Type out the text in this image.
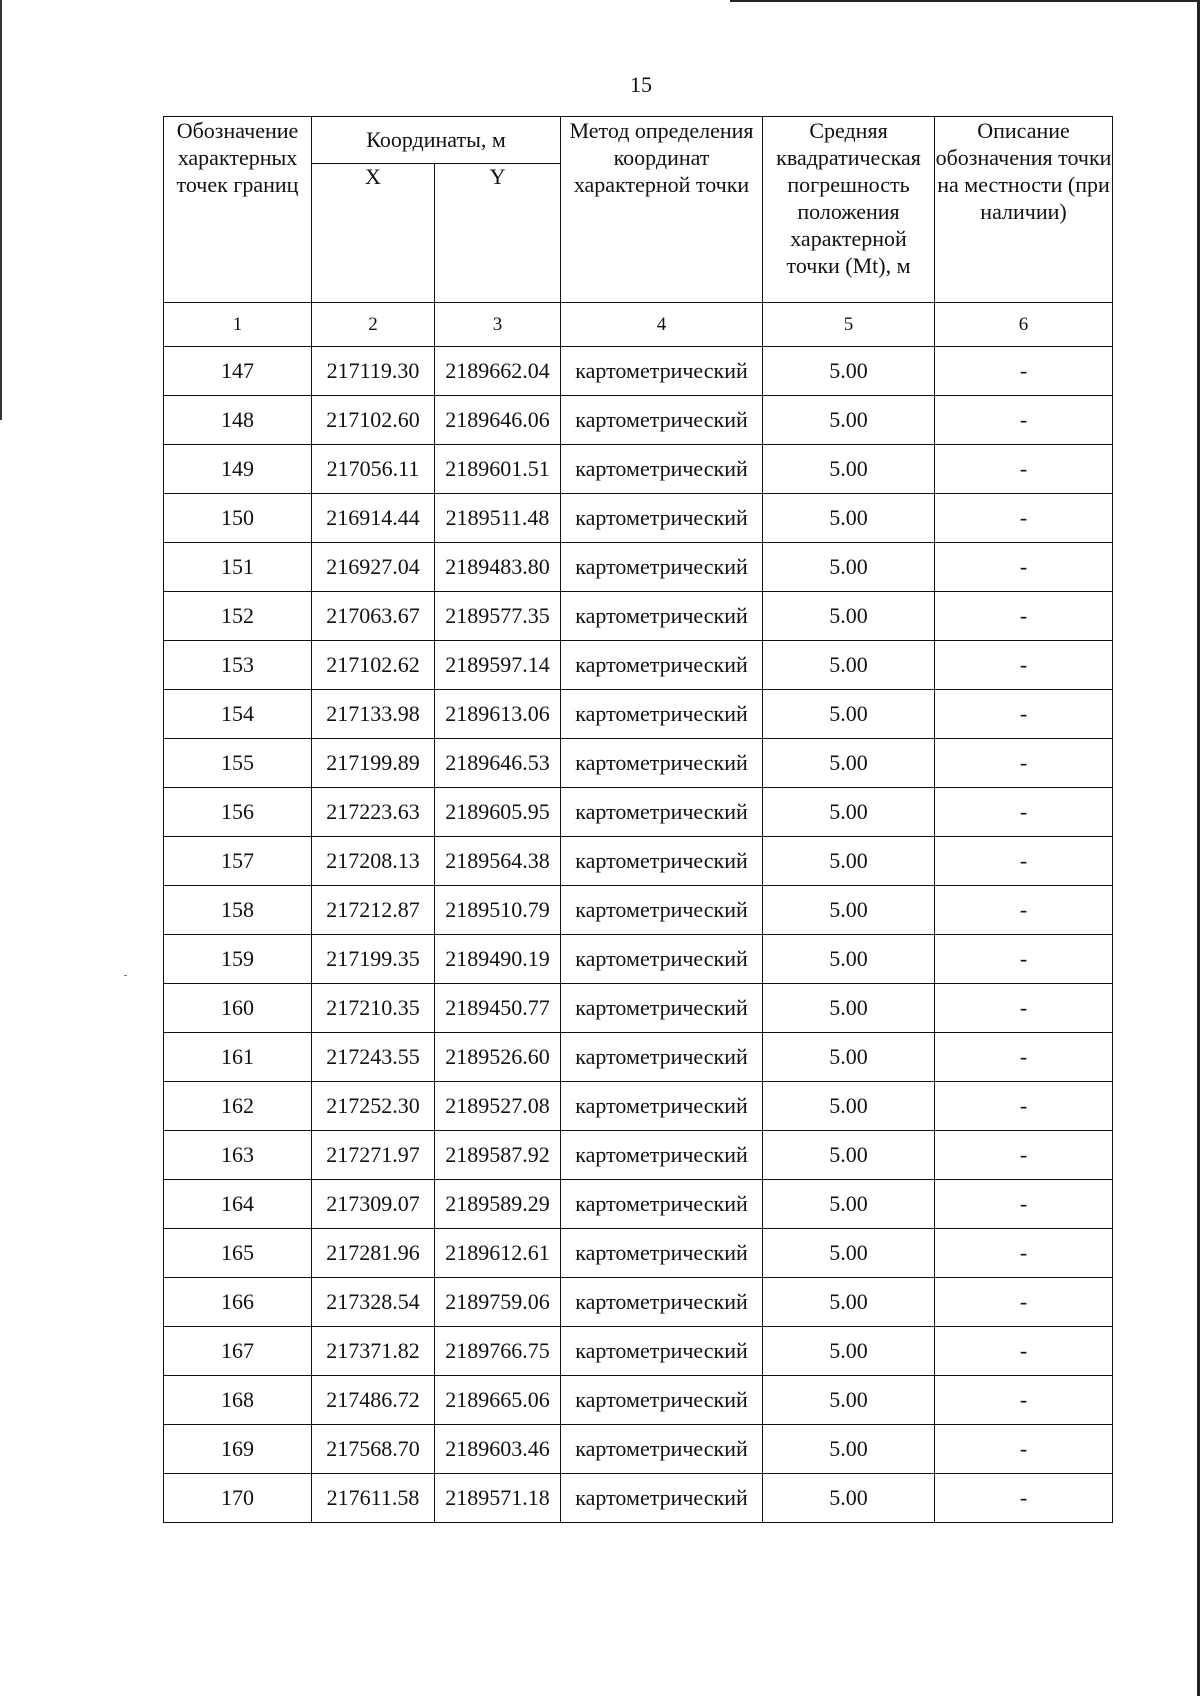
15
Обозначение характерных точек границ	Координаты, м		Метод определения координат характерной точки	Средняя квадратическая погрешность положения характерной точки (Mt), м	Описание обозначения точки на местности (при наличии)
	X	Y			
1	2	3	4	5	6
147	217119.30	2189662.04	картометрический	5.00	-
148	217102.60	2189646.06	картометрический	5.00	-
149	217056.11	2189601.51	картометрический	5.00	-
150	216914.44	2189511.48	картометрический	5.00	-
151	216927.04	2189483.80	картометрический	5.00	-
152	217063.67	2189577.35	картометрический	5.00	-
153	217102.62	2189597.14	картометрический	5.00	-
154	217133.98	2189613.06	картометрический	5.00	-
155	217199.89	2189646.53	картометрический	5.00	-
156	217223.63	2189605.95	картометрический	5.00	-
157	217208.13	2189564.38	картометрический	5.00	-
158	217212.87	2189510.79	картометрический	5.00	-
159	217199.35	2189490.19	картометрический	5.00	-
160	217210.35	2189450.77	картометрический	5.00	-
161	217243.55	2189526.60	картометрический	5.00	-
162	217252.30	2189527.08	картометрический	5.00	-
163	217271.97	2189587.92	картометрический	5.00	-
164	217309.07	2189589.29	картометрический	5.00	-
165	217281.96	2189612.61	картометрический	5.00	-
166	217328.54	2189759.06	картометрический	5.00	-
167	217371.82	2189766.75	картометрический	5.00	-
168	217486.72	2189665.06	картометрический	5.00	-
169	217568.70	2189603.46	картометрический	5.00	-
170	217611.58	2189571.18	картометрический	5.00	-
